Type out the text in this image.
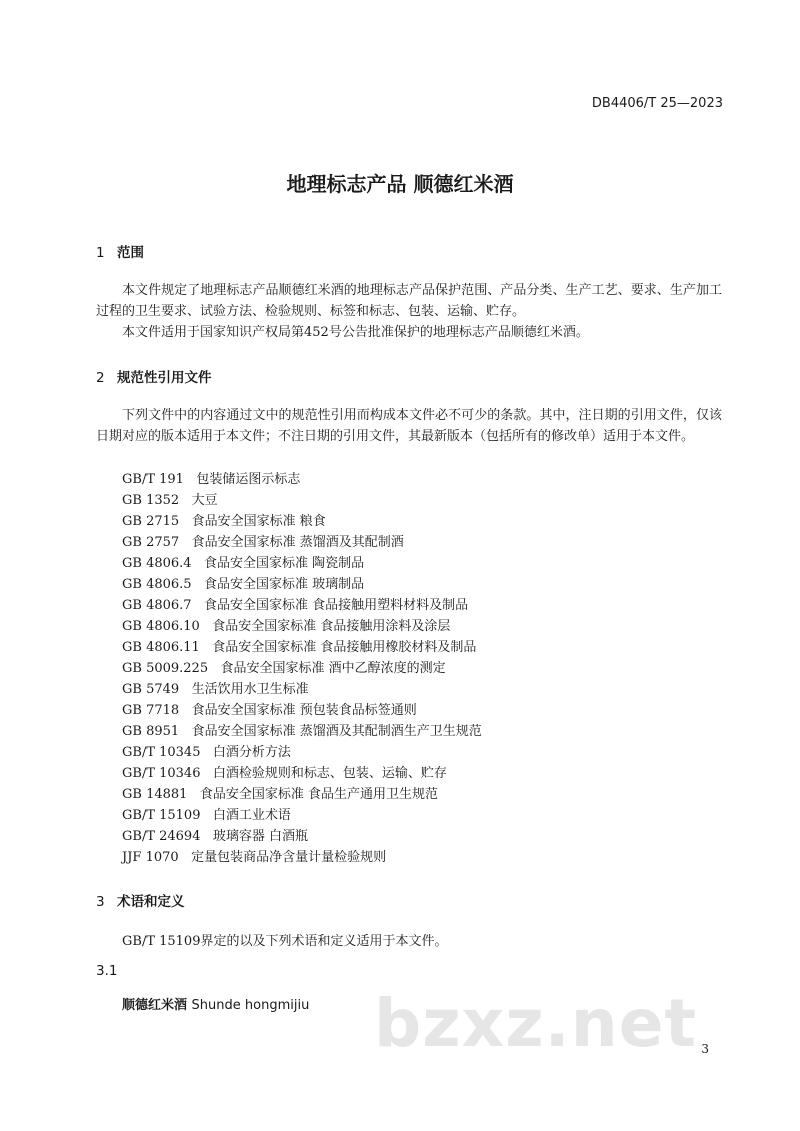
DB4406/T 25—2023
地理标志产品 顺德红米酒
1 范围
本文件规定了地理标志产品顺德红米酒的地理标志产品保护范围、产品分类、生产工艺、要求、生产加工过程的卫生要求、试验方法、检验规则、标签和标志、包装、运输、贮存。
本文件适用于国家知识产权局第452号公告批准保护的地理标志产品顺德红米酒。
2 规范性引用文件
下列文件中的内容通过文中的规范性引用而构成本文件必不可少的条款。其中，注日期的引用文件，仅该日期对应的版本适用于本文件；不注日期的引用文件，其最新版本（包括所有的修改单）适用于本文件。
GB/T 191 包装储运图示标志
GB 1352 大豆
GB 2715 食品安全国家标准 粮食
GB 2757 食品安全国家标准 蒸馏酒及其配制酒
GB 4806.4 食品安全国家标准 陶瓷制品
GB 4806.5 食品安全国家标准 玻璃制品
GB 4806.7 食品安全国家标准 食品接触用塑料材料及制品
GB 4806.10 食品安全国家标准 食品接触用涂料及涂层
GB 4806.11 食品安全国家标准 食品接触用橡胶材料及制品
GB 5009.225 食品安全国家标准 酒中乙醇浓度的测定
GB 5749 生活饮用水卫生标准
GB 7718 食品安全国家标准 预包装食品标签通则
GB 8951 食品安全国家标准 蒸馏酒及其配制酒生产卫生规范
GB/T 10345 白酒分析方法
GB/T 10346 白酒检验规则和标志、包装、运输、贮存
GB 14881 食品安全国家标准 食品生产通用卫生规范
GB/T 15109 白酒工业术语
GB/T 24694 玻璃容器 白酒瓶
JJF 1070 定量包装商品净含量计量检验规则
3 术语和定义
GB/T 15109界定的以及下列术语和定义适用于本文件。
3.1
顺德红米酒 Shunde hongmijiu bzxz.net 3
